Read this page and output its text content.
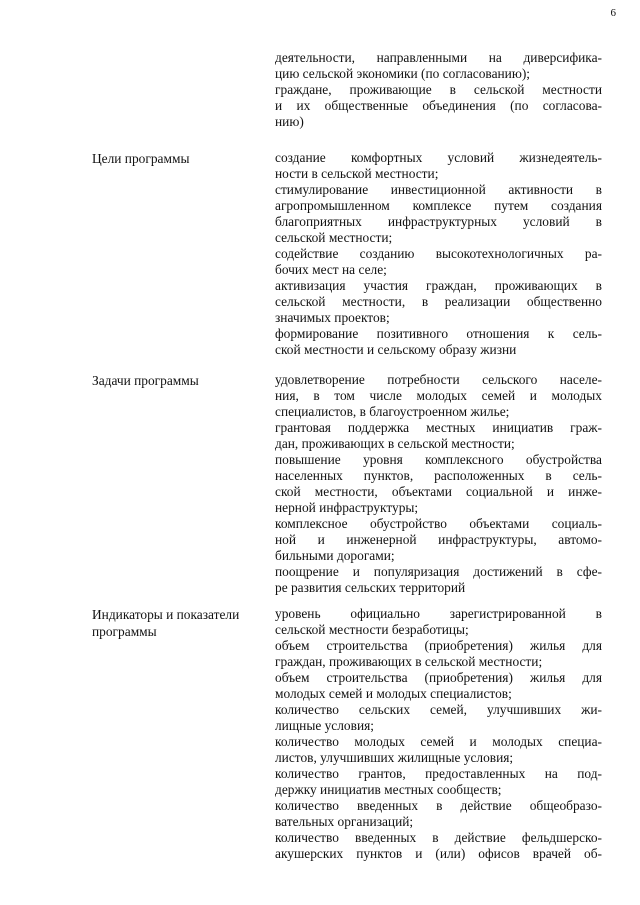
6
деятельности, направленными на диверсифика-
цию сельской экономики (по согласованию);
граждане, проживающие в сельской местности
и их общественные объединения (по согласова-
нию)
Цели программы	создание комфортных условий жизнедеятель-
ности в сельской местности;
стимулирование инвестиционной активности в
агропромышленном комплексе путем создания
благоприятных инфраструктурных условий в
сельской местности;
содействие созданию высокотехнологичных ра-
бочих мест на селе;
активизация участия граждан, проживающих в
сельской местности, в реализации общественно
значимых проектов;
формирование позитивного отношения к сель-
ской местности и сельскому образу жизни
Задачи программы	удовлетворение потребности сельского населе-
ния, в том числе молодых семей и молодых
специалистов, в благоустроенном жилье;
грантовая поддержка местных инициатив граж-
дан, проживающих в сельской местности;
повышение уровня комплексного обустройства
населенных пунктов, расположенных в сель-
ской местности, объектами социальной и инже-
нерной инфраструктуры;
комплексное обустройство объектами социаль-
ной и инженерной инфраструктуры, автомо-
бильными дорогами;
поощрение и популяризация достижений в сфе-
ре развития сельских территорий
Индикаторы и показатели
программы
уровень официально зарегистрированной в
сельской местности безработицы;
объем строительства (приобретения) жилья для
граждан, проживающих в сельской местности;
объем строительства (приобретения) жилья для
молодых семей и молодых специалистов;
количество сельских семей, улучшивших жи-
лищные условия;
количество молодых семей и молодых специа-
листов, улучшивших жилищные условия;
количество грантов, предоставленных на под-
держку инициатив местных сообществ;
количество введенных в действие общеобразо-
вательных организаций;
количество введенных в действие фельдшерско-
акушерских пунктов и (или) офисов врачей об-
